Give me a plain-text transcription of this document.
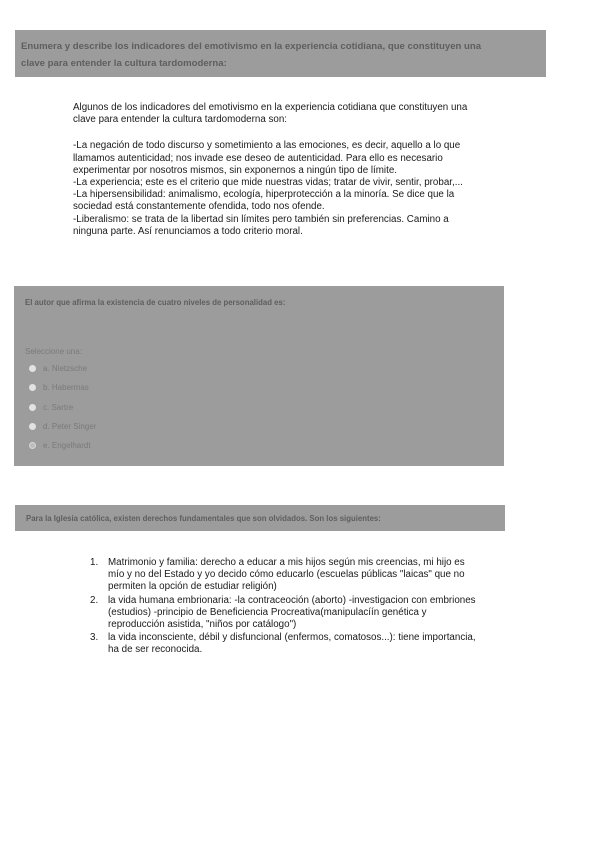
Enumera y describe los indicadores del emotivismo en la experiencia cotidiana, que constituyen una
clave para entender la cultura tardomoderna:

Algunos de los indicadores del emotivismo en la experiencia cotidiana que constituyen una

clave para entender la cultura tardomoderna son:

-La negación de todo discurso y sometimiento a las emociones, es decir, aquello a lo que

llamamos autenticidad; nos invade ese deseo de autenticidad. Para ello es necesario

experimentar por nosotros mismos, sin exponernos a ningún tipo de límite.

-La experiencia; este es el criterio que mide nuestras vidas; tratar de vivir, sentir, probar,...

-La hipersensibilidad: animalismo, ecología, hiperprotección a la minoría. Se dice que la

sociedad está constantemente ofendida, todo nos ofende.

-Liberalismo: se trata de la libertad sin límites pero también sin preferencias. Camino a

ninguna parte. Así renunciamos a todo criterio moral.

El autor que afirma la existencia de cuatro niveles de personalidad es:
Seleccione una:
a. Nietzsche
b. Habermas
c. Sartre
d. Peter Singer
e. Engelhardt
Para la Iglesia católica, existen derechos fundamentales que son olvidados. Son los siguientes:
1.	Matrimonio y familia: derecho a educar a mis hijos según mis creencias, mi hijo es
mío y no del Estado y yo decido cómo educarlo (escuelas públicas "laicas" que no
permiten la opción de estudiar religión)
2.	la vida humana embrionaria: -la contraceoción (aborto) -investigacion con embriones
(estudios) -principio de Beneficiencia Procreativa(manipulacíín genética y
reproducción asistida, "niños por catálogo")
3.	la vida inconsciente, débil y disfuncional (enfermos, comatosos...): tiene importancia,
ha de ser reconocida.
